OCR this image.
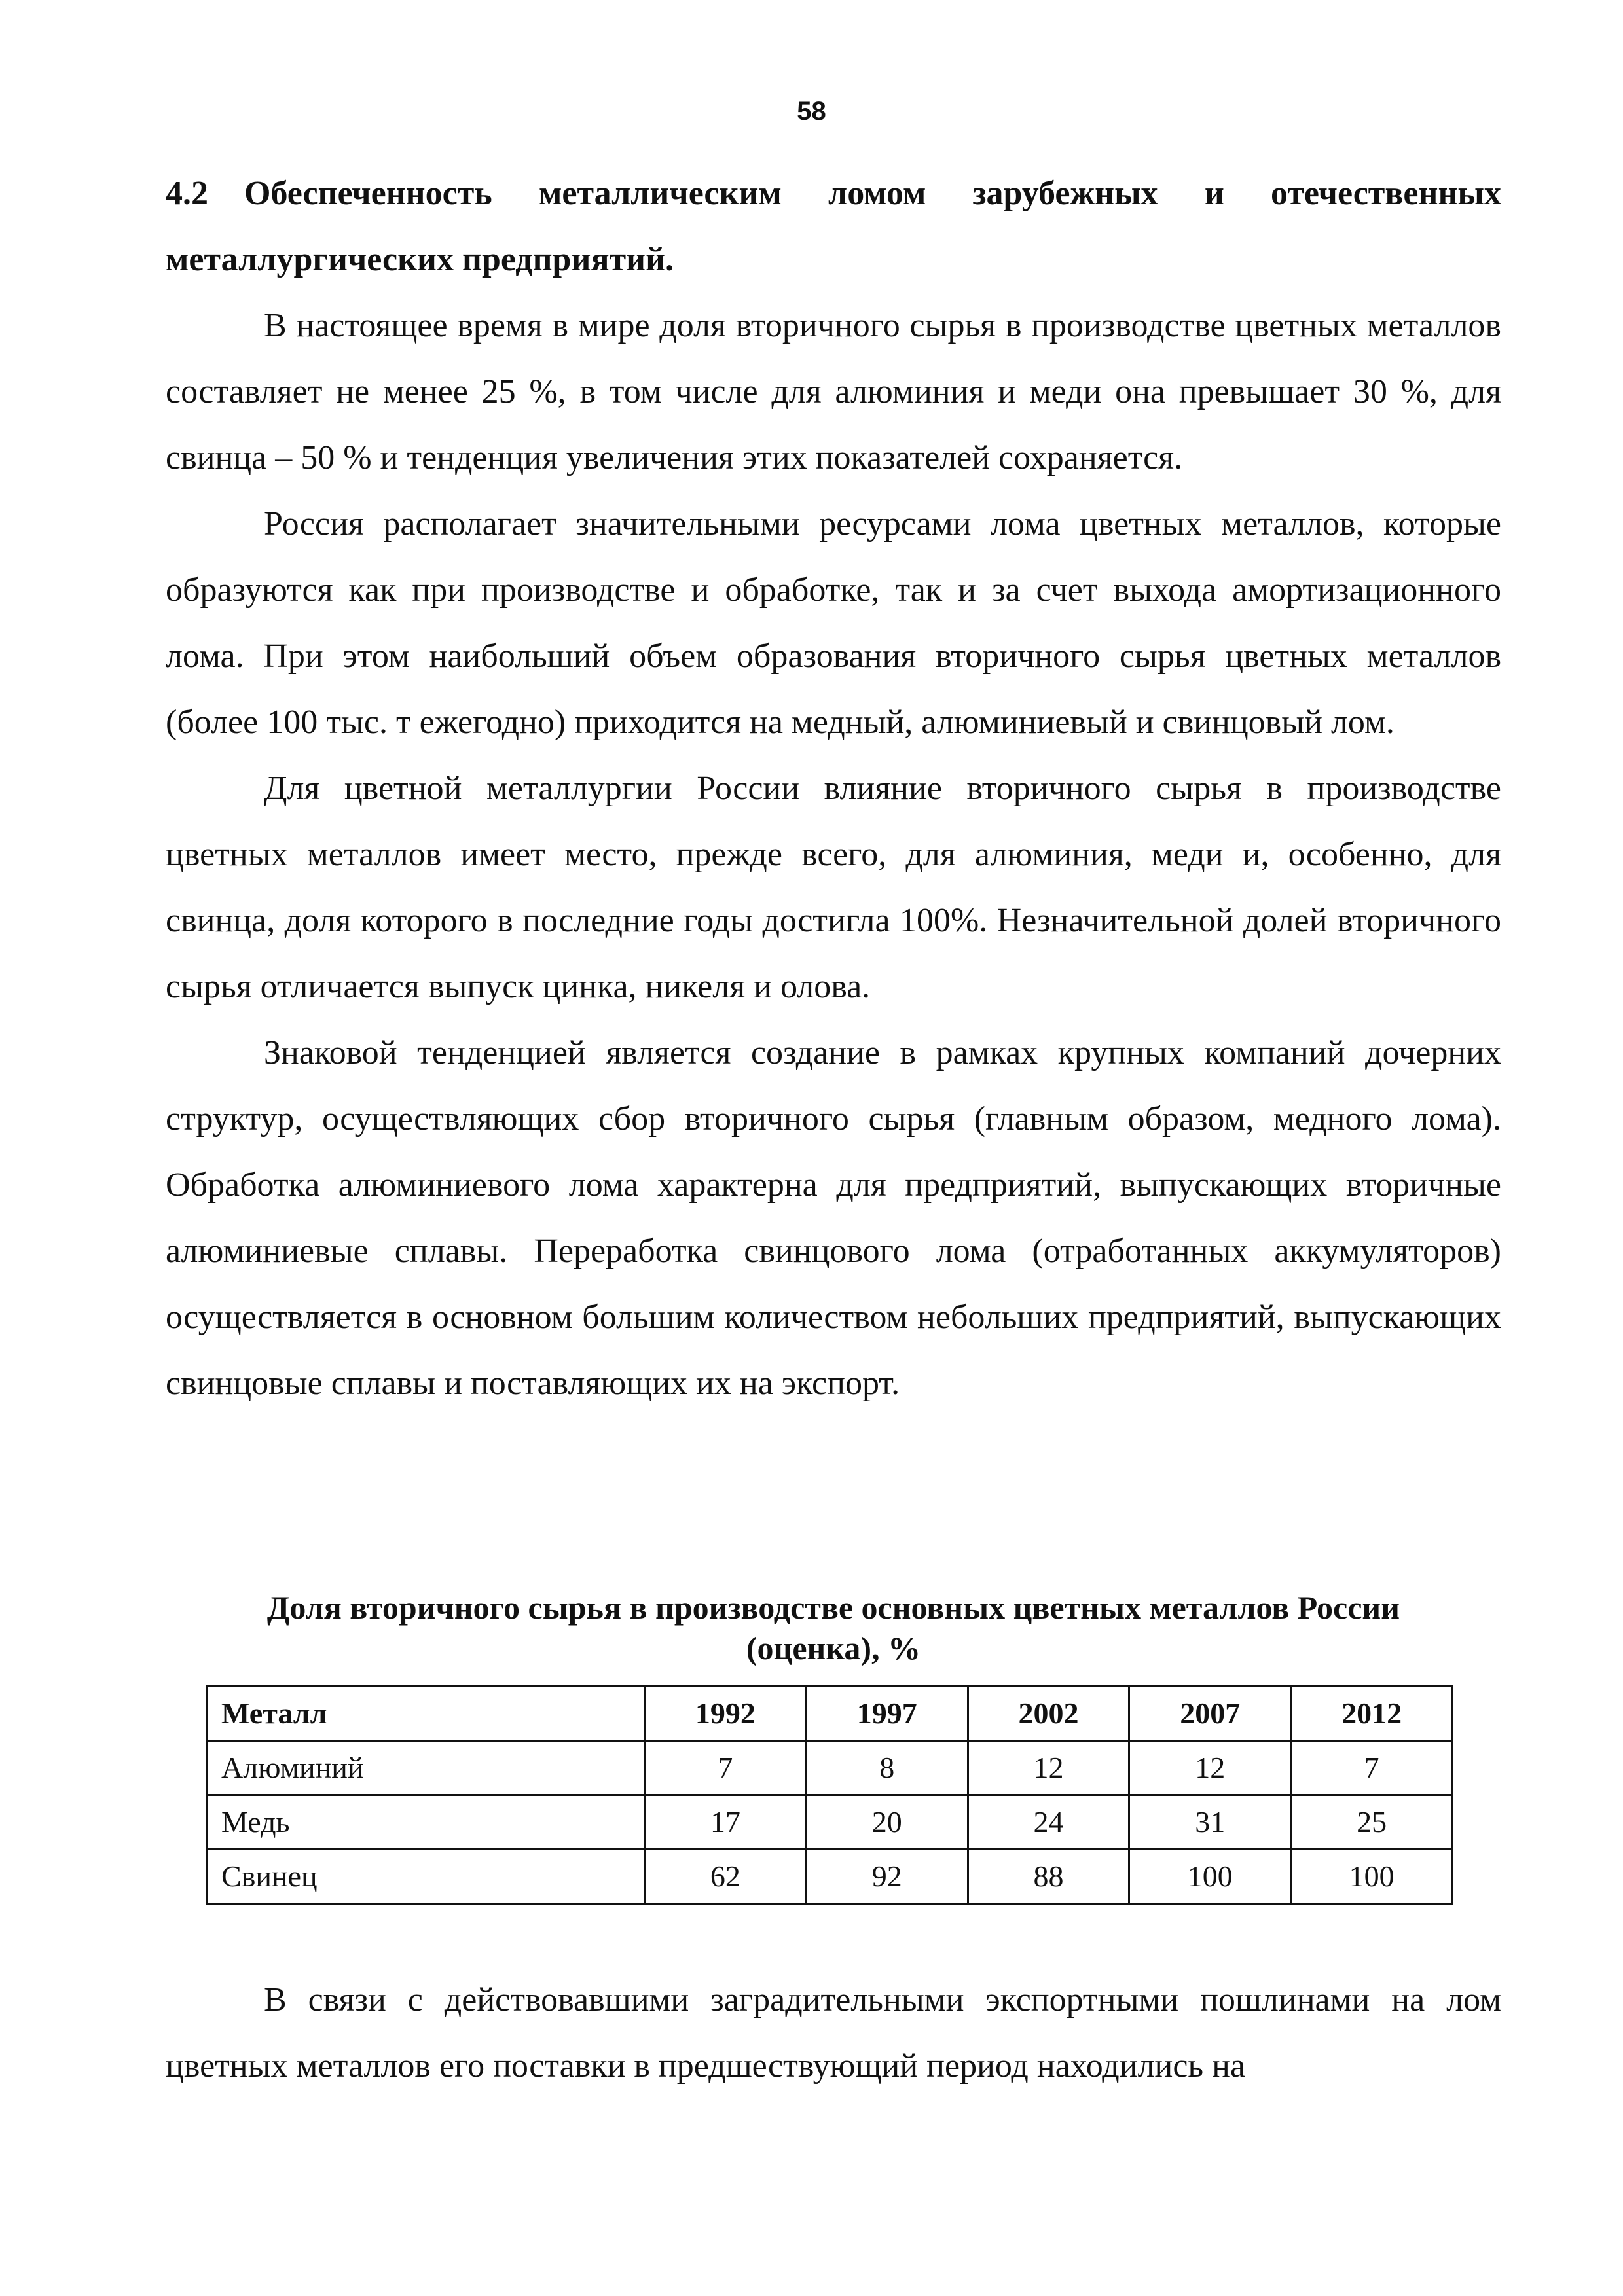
58

4.2 Обеспеченность металлическим ломом зарубежных и отечественных металлургических предприятий.

В настоящее время в мире доля вторичного сырья в производстве цветных металлов составляет не менее 25 %, в том числе для алюминия и меди она превышает 30 %, для свинца – 50 % и тенденция увеличения этих показателей сохраняется.

Россия располагает значительными ресурсами лома цветных металлов, которые образуются как при производстве и обработке, так и за счет выхода амортизационного лома. При этом наибольший объем образования вторичного сырья цветных металлов (более 100 тыс. т ежегодно) приходится на медный, алюминиевый и свинцовый лом.

Для цветной металлургии России влияние вторичного сырья в производстве цветных металлов имеет место, прежде всего, для алюминия, меди и, особенно, для свинца, доля которого в последние годы достигла 100%. Незначительной долей вторичного сырья отличается выпуск цинка, никеля и олова.

Знаковой тенденцией является создание в рамках крупных компаний дочерних структур, осуществляющих сбор вторичного сырья (главным образом, медного лома). Обработка алюминиевого лома характерна для предприятий, выпускающих вторичные алюминиевые сплавы. Переработка свинцового лома (отработанных аккумуляторов) осуществляется в основном большим количеством небольших предприятий, выпускающих свинцовые сплавы и поставляющих их на экспорт.

Доля вторичного сырья в производстве основных цветных металлов России
(оценка), %
Металл	1992	1997	2002	2007	2012
Алюминий	7	8	12	12	7
Медь	17	20	24	31	25
Свинец	62	92	88	100	100

В связи с действовавшими заградительными экспортными пошлинами на лом цветных металлов его поставки в предшествующий период находились на
